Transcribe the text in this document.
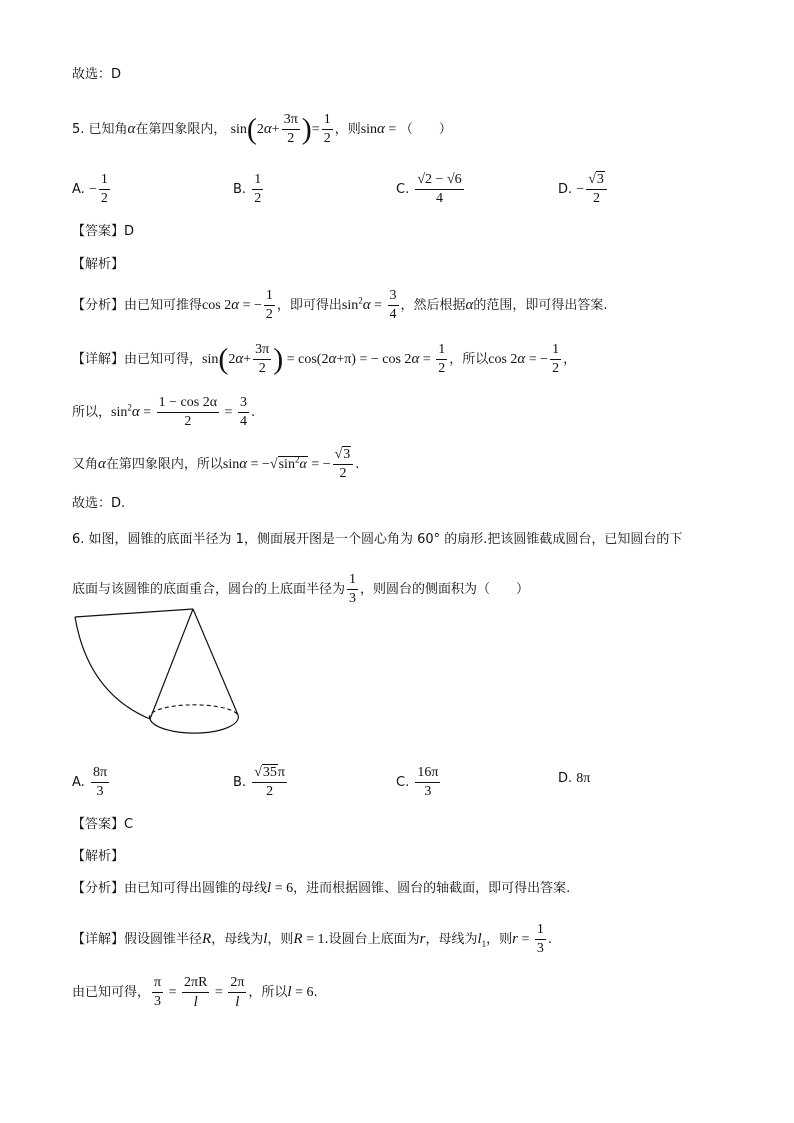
故选：D
5. 已知角α在第四象限内， $\sin(2\alpha+ \frac{3\pi}{2}$ )= $\frac{1}{2}$ ，则sinα = （　　）
A. − $\frac{1}{2}$	B. $\frac{1}{2}$	C. $\frac{√2 - √6}{4}$	D. − $\frac{√3}{2}$
【答案】D
【解析】
【分析】由已知可推得cos 2α = − $\frac{1}{2}$ ，即可得出$\sin^2\alpha = \frac{3}{4}$ ，然后根据α的范围，即可得出答案.
【详解】由已知可得，$\sin(2\alpha+ \frac{3\pi}{2}$ ) = cos(2α+π) = − $\cos 2\alpha = \frac{1}{2}$ ，所以cos 2α = − $\frac{1}{2}$ ，
所以，$\sin^2\alpha = \frac{1 - \cos 2\alpha}{2} = \frac{3}{4}$ .
又角α在第四象限内，所以$\sin\alpha = -√\sin^2\alpha$ = − $\frac{√3}{2}$ .
故选：D.
6. 如图，圆锥的底面半径为 1，侧面展开图是一个圆心角为 60° 的扇形.把该圆锥截成圆台，已知圆台的下
底面与该圆锥的底面重合，圆台的上底面半径为 $\frac{1}{3}$ ，则圆台的侧面积为（　　）
A. $\frac{8\pi}{3}$	B. $\frac{√35\pi}{2}$	C. $\frac{16\pi}{3}$	D. 8π
【答案】C
【解析】
【分析】由已知可得出圆锥的母线l = 6，进而根据圆锥、圆台的轴截面，即可得出答案.
【详解】假设圆锥半径R，母线为l，则R = 1.设圆台上底面为r，母线为$l_1$，则$r = \frac{1}{3}$ .
由已知可得， $\frac{\pi}{3} = \frac{2\pi R}{l} = \frac{2\pi}{l}$ ，所以l = 6.
